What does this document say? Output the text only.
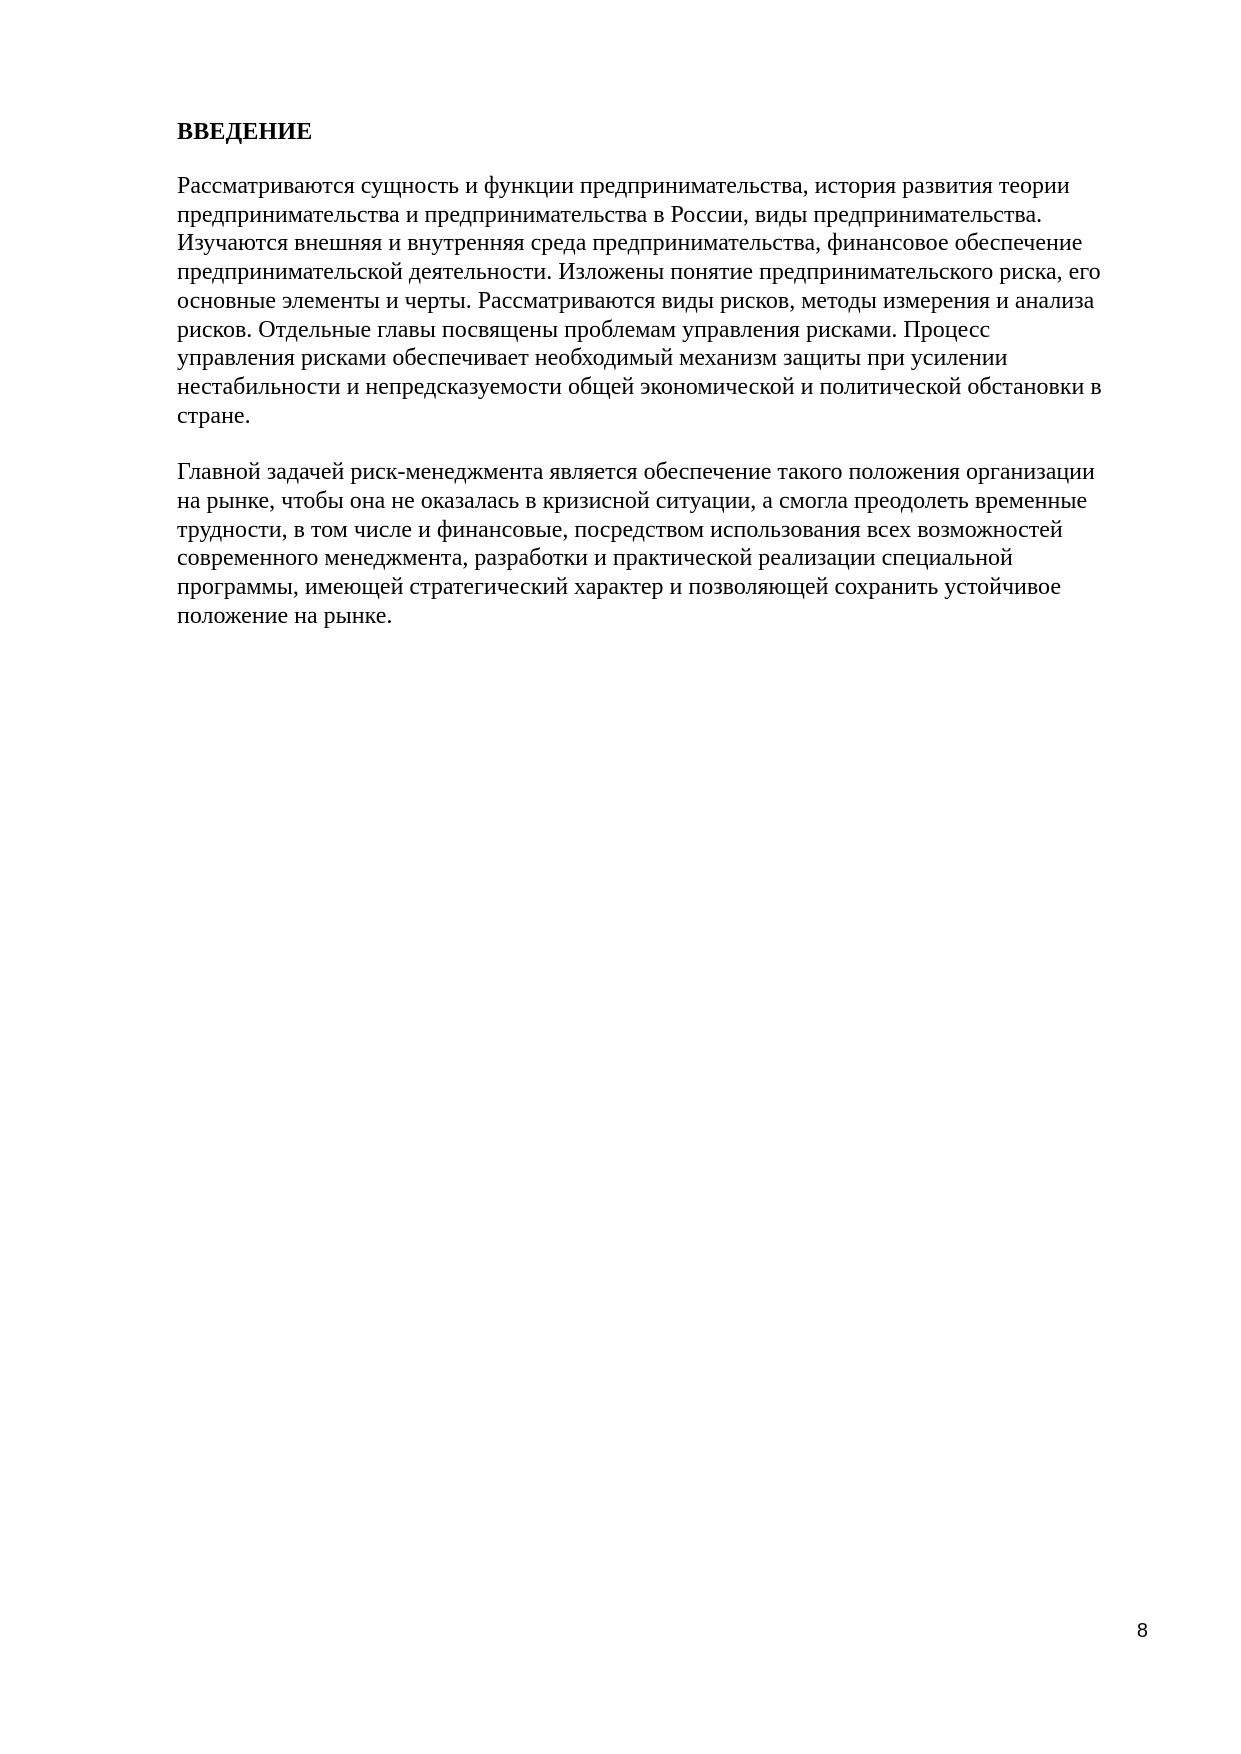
ВВЕДЕНИЕ

Рассматриваются сущность и функции предпринимательства, история развития теории
предпринимательства и предпринимательства в России, виды предпринимательства.
Изучаются внешняя и внутренняя среда предпринимательства, финансовое обеспечение
предпринимательской деятельности. Изложены понятие предпринимательского риска, его
основные элементы и черты. Рассматриваются виды рисков, методы измерения и анализа
рисков. Отдельные главы посвящены проблемам управления рисками. Процесс
управления рисками обеспечивает необходимый механизм защиты при усилении
нестабильности и непредсказуемости общей экономической и политической обстановки в
стране.

Главной задачей риск-менеджмента является обеспечение такого положения организации
на рынке, чтобы она не оказалась в кризисной ситуации, а смогла преодолеть временные
трудности, в том числе и финансовые, посредством использования всех возможностей
современного менеджмента, разработки и практической реализации специальной
программы, имеющей стратегический характер и позволяющей сохранить устойчивое
положение на рынке.

8
